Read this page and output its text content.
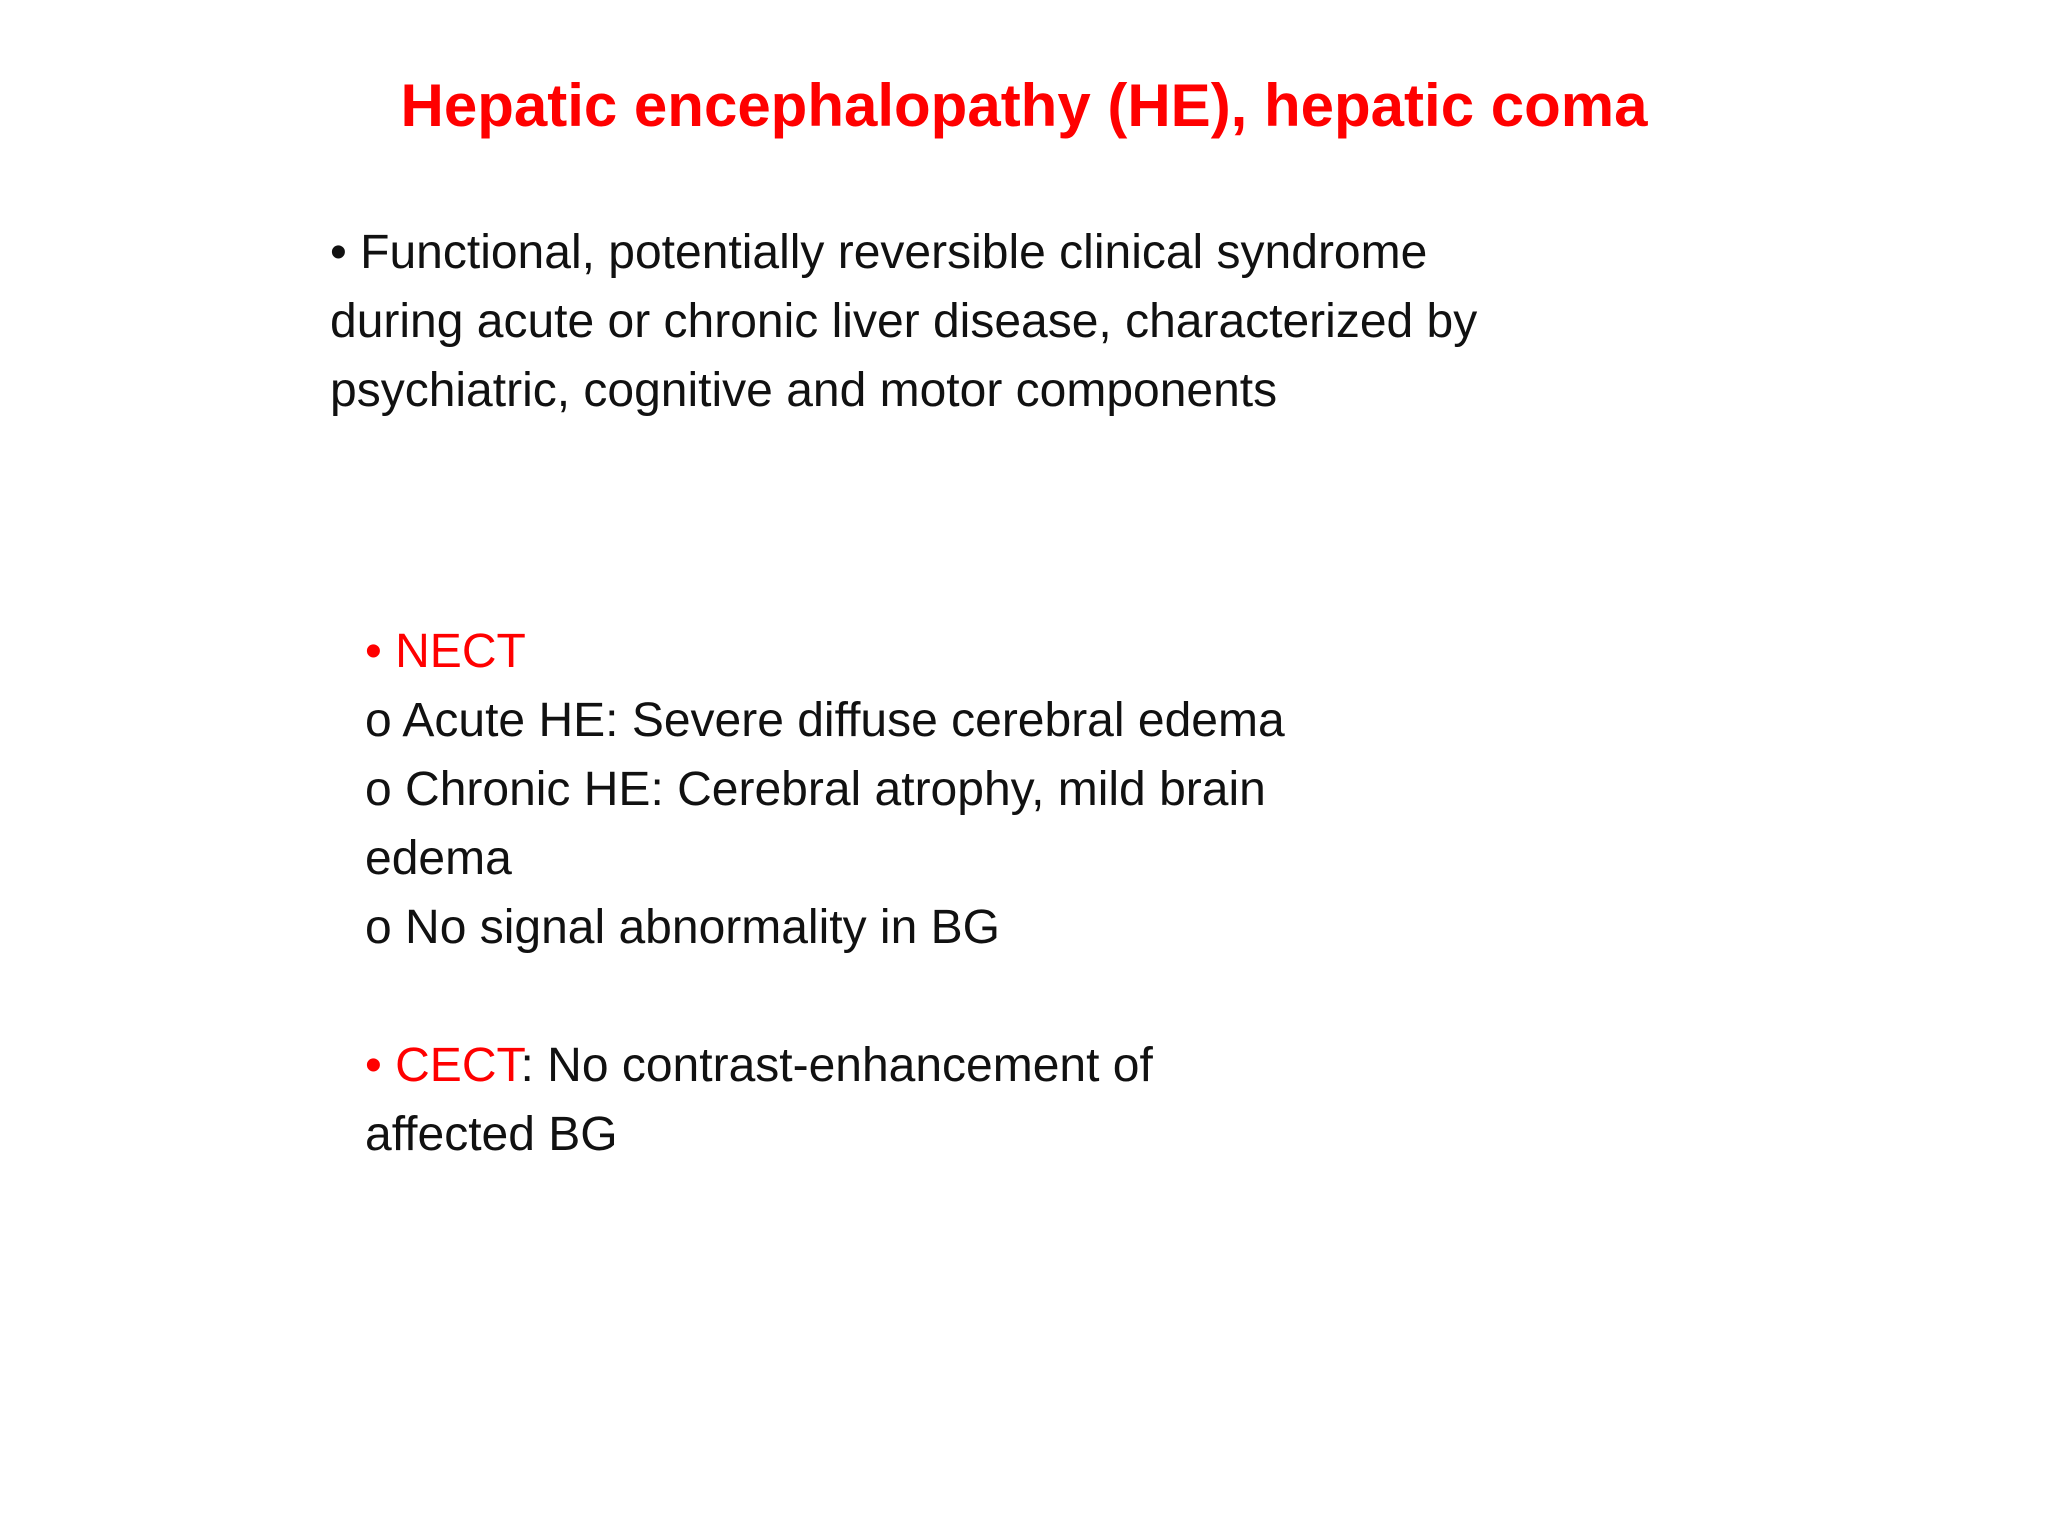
Hepatic encephalopathy (HE), hepatic coma
• Functional, potentially reversible clinical syndrome
during acute or chronic liver disease, characterized by
psychiatric, cognitive and motor components
• NECT
o Acute HE: Severe diffuse cerebral edema
o Chronic HE: Cerebral atrophy, mild brain
edema
o No signal abnormality in BG
• CECT: No contrast-enhancement of
affected BG
